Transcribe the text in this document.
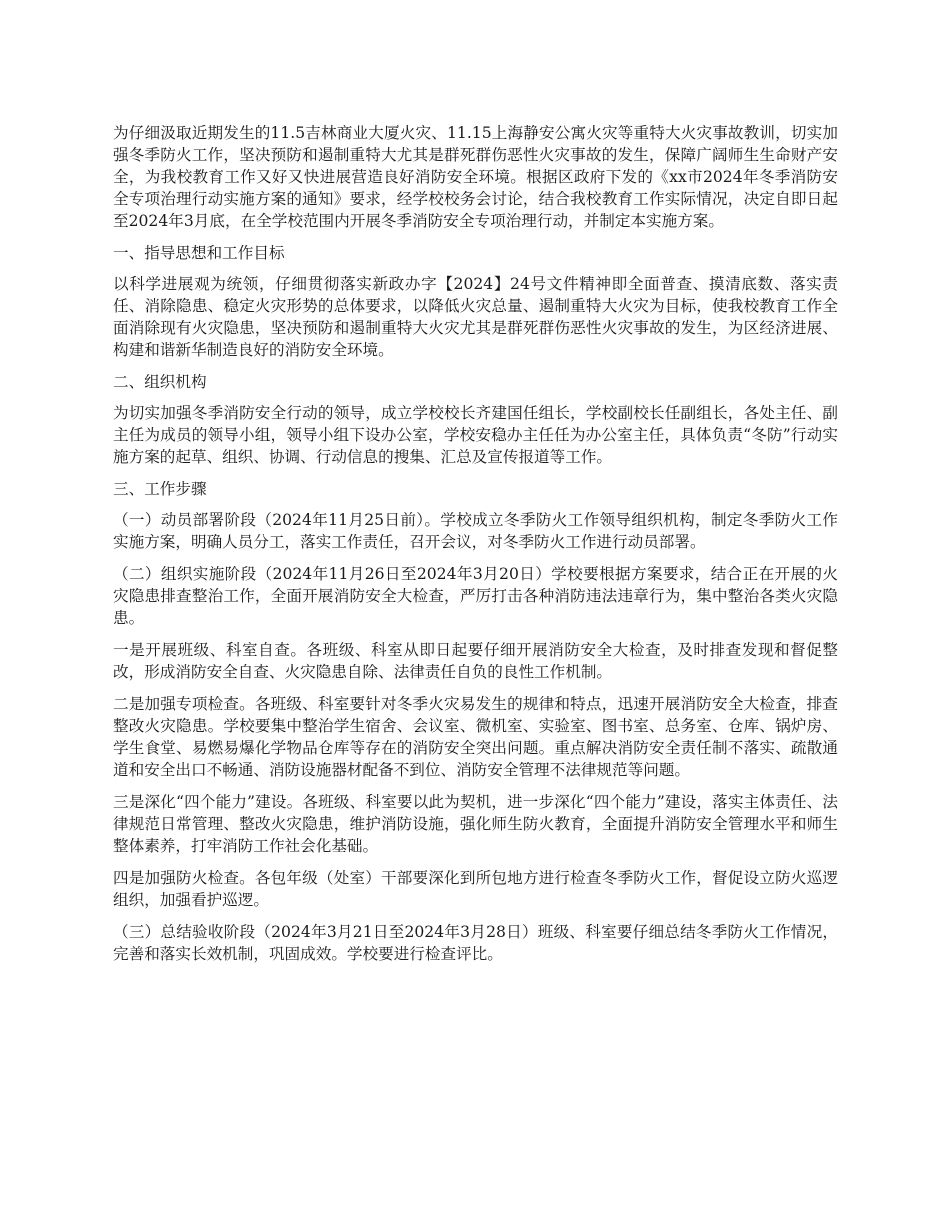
为仔细汲取近期发生的11.5吉林商业大厦火灾、11.15上海静安公寓火灾等重特大火灾事故教训，切实加强冬季防火工作，坚决预防和遏制重特大尤其是群死群伤恶性火灾事故的发生，保障广阔师生生命财产安全，为我校教育工作又好又快进展营造良好消防安全环境。根据区政府下发的《xx市2024年冬季消防安全专项治理行动实施方案的通知》要求，经学校校务会讨论，结合我校教育工作实际情况，决定自即日起至2024年3月底，在全学校范围内开展冬季消防安全专项治理行动，并制定本实施方案。

一、指导思想和工作目标

以科学进展观为统领，仔细贯彻落实新政办字【2024】24号文件精神即全面普查、摸清底数、落实责任、消除隐患、稳定火灾形势的总体要求，以降低火灾总量、遏制重特大火灾为目标，使我校教育工作全面消除现有火灾隐患，坚决预防和遏制重特大火灾尤其是群死群伤恶性火灾事故的发生，为区经济进展、构建和谐新华制造良好的消防安全环境。

二、组织机构

为切实加强冬季消防安全行动的领导，成立学校校长齐建国任组长，学校副校长任副组长，各处主任、副主任为成员的领导小组，领导小组下设办公室，学校安稳办主任任为办公室主任，具体负责“冬防”行动实施方案的起草、组织、协调、行动信息的搜集、汇总及宣传报道等工作。

三、工作步骤

（一）动员部署阶段（2024年11月25日前）。学校成立冬季防火工作领导组织机构，制定冬季防火工作实施方案，明确人员分工，落实工作责任，召开会议，对冬季防火工作进行动员部署。

（二）组织实施阶段（2024年11月26日至2024年3月20日）学校要根据方案要求，结合正在开展的火灾隐患排查整治工作，全面开展消防安全大检查，严厉打击各种消防违法违章行为，集中整治各类火灾隐患。

一是开展班级、科室自查。各班级、科室从即日起要仔细开展消防安全大检查，及时排查发现和督促整改，形成消防安全自查、火灾隐患自除、法律责任自负的良性工作机制。

二是加强专项检查。各班级、科室要针对冬季火灾易发生的规律和特点，迅速开展消防安全大检查，排查整改火灾隐患。学校要集中整治学生宿舍、会议室、微机室、实验室、图书室、总务室、仓库、锅炉房、学生食堂、易燃易爆化学物品仓库等存在的消防安全突出问题。重点解决消防安全责任制不落实、疏散通道和安全出口不畅通、消防设施器材配备不到位、消防安全管理不法律规范等问题。

三是深化“四个能力”建设。各班级、科室要以此为契机，进一步深化“四个能力”建设，落实主体责任、法律规范日常管理、整改火灾隐患，维护消防设施，强化师生防火教育，全面提升消防安全管理水平和师生整体素养，打牢消防工作社会化基础。

四是加强防火检查。各包年级（处室）干部要深化到所包地方进行检查冬季防火工作，督促设立防火巡逻组织，加强看护巡逻。

（三）总结验收阶段（2024年3月21日至2024年3月28日）班级、科室要仔细总结冬季防火工作情况，完善和落实长效机制，巩固成效。学校要进行检查评比。
